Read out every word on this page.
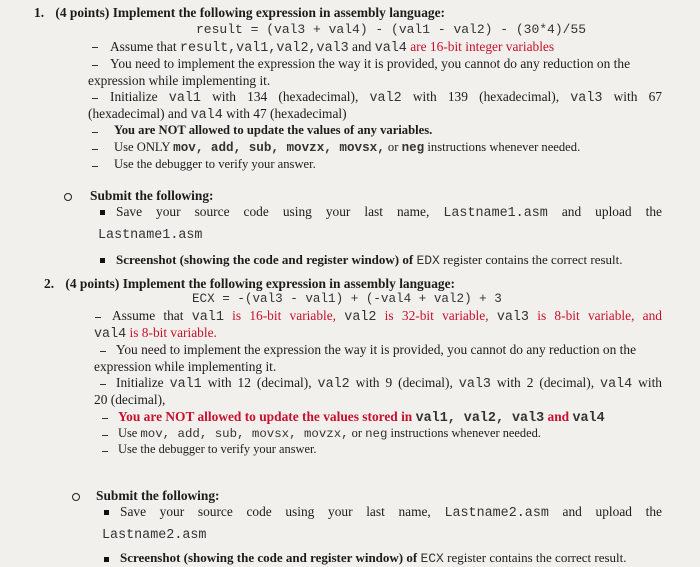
1. (4 points) Implement the following expression in assembly language:
result = (val3 + val4) - (val1 - val2) - (30*4)/55
Assume that result,val1,val2,val3 and val4 are 16-bit integer variables
You need to implement the expression the way it is provided, you cannot do any reduction on the
expression while implementing it.
Initialize val1 with 134 (hexadecimal), val2 with 139 (hexadecimal), val3 with 67
(hexadecimal) and val4 with 47 (hexadecimal)
You are NOT allowed to update the values of any variables.
Use ONLY mov, add, sub, movzx, movsx, or neg instructions whenever needed.
Use the debugger to verify your answer.
Submit the following:
Save your source code using your last name, Lastname1.asm and upload the
Lastname1.asm
Screenshot (showing the code and register window) of EDX register contains the correct result.
2. (4 points) Implement the following expression in assembly language:
ECX = -(val3 - val1) + (-val4 + val2) + 3
Assume that val1 is 16-bit variable, val2 is 32-bit variable, val3 is 8-bit variable, and
val4 is 8-bit variable.
You need to implement the expression the way it is provided, you cannot do any reduction on the
expression while implementing it.
Initialize val1 with 12 (decimal), val2 with 9 (decimal), val3 with 2 (decimal), val4 with
20 (decimal),
You are NOT allowed to update the values stored in val1, val2, val3 and val4
Use mov, add, sub, movsx, movzx, or neg instructions whenever needed.
Use the debugger to verify your answer.
Submit the following:
Save your source code using your last name, Lastname2.asm and upload the
Lastname2.asm
Screenshot (showing the code and register window) of ECX register contains the correct result.
